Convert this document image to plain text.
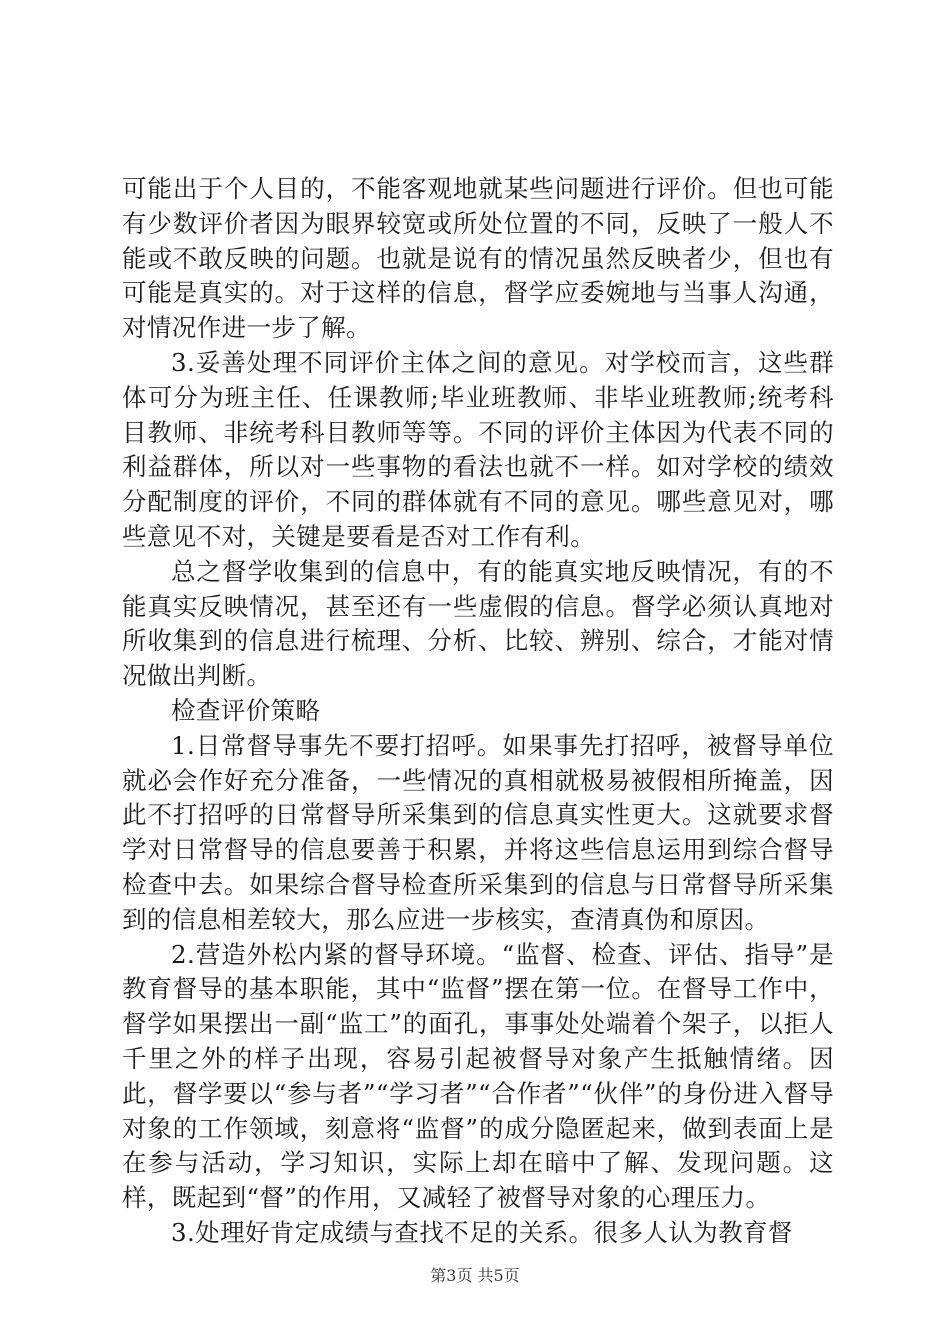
可能出于个人目的，不能客观地就某些问题进行评价。但也可能有少数评价者因为眼界较宽或所处位置的不同，反映了一般人不能或不敢反映的问题。也就是说有的情况虽然反映者少，但也有可能是真实的。对于这样的信息，督学应委婉地与当事人沟通，对情况作进一步了解。

3.妥善处理不同评价主体之间的意见。对学校而言，这些群体可分为班主任、任课教师;毕业班教师、非毕业班教师;统考科目教师、非统考科目教师等等。不同的评价主体因为代表不同的利益群体，所以对一些事物的看法也就不一样。如对学校的绩效分配制度的评价，不同的群体就有不同的意见。哪些意见对，哪些意见不对，关键是要看是否对工作有利。

总之督学收集到的信息中，有的能真实地反映情况，有的不能真实反映情况，甚至还有一些虚假的信息。督学必须认真地对所收集到的信息进行梳理、分析、比较、辨别、综合，才能对情况做出判断。

检查评价策略

1.日常督导事先不要打招呼。如果事先打招呼，被督导单位就必会作好充分准备，一些情况的真相就极易被假相所掩盖，因此不打招呼的日常督导所采集到的信息真实性更大。这就要求督学对日常督导的信息要善于积累，并将这些信息运用到综合督导检查中去。如果综合督导检查所采集到的信息与日常督导所采集到的信息相差较大，那么应进一步核实，查清真伪和原因。

2.营造外松内紧的督导环境。“监督、检查、评估、指导”是教育督导的基本职能，其中“监督”摆在第一位。在督导工作中，督学如果摆出一副“监工”的面孔，事事处处端着个架子，以拒人千里之外的样子出现，容易引起被督导对象产生抵触情绪。因此，督学要以“参与者”“学习者”“合作者”“伙伴”的身份进入督导对象的工作领域，刻意将“监督”的成分隐匿起来，做到表面上是在参与活动，学习知识，实际上却在暗中了解、发现问题。这样，既起到“督”的作用，又减轻了被督导对象的心理压力。

3.处理好肯定成绩与查找不足的关系。很多人认为教育督

第3页 共5页
